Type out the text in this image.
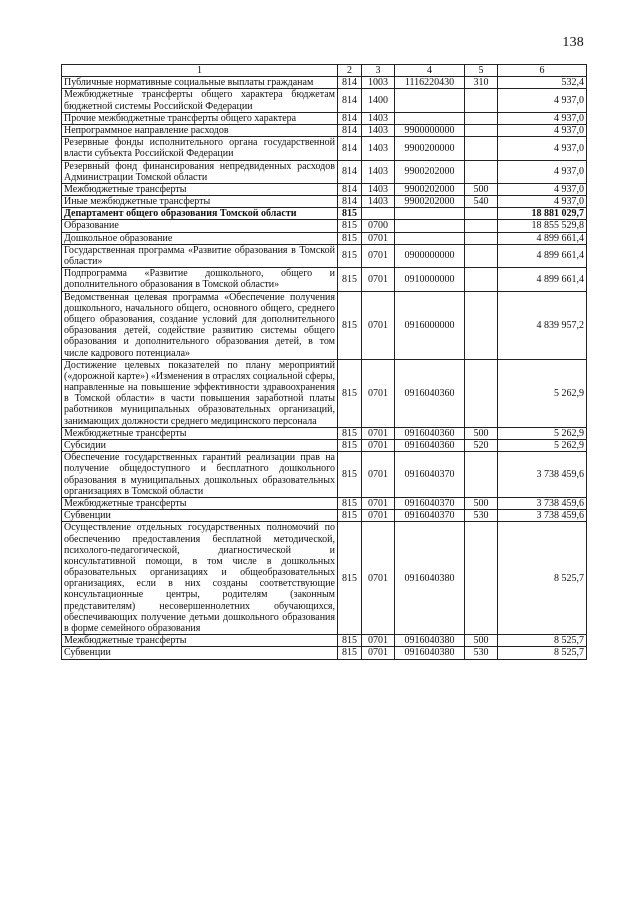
138
1	2	3	4	5	6
Публичные нормативные социальные выплаты гражданам	814	1003	1116220430	310	532,4
Межбюджетные трансферты общего характера бюджетам бюджетной системы Российской Федерации	814	1400			4 937,0
Прочие межбюджетные трансферты общего характера	814	1403			4 937,0
Непрограммное направление расходов	814	1403	9900000000		4 937,0
Резервные фонды исполнительного органа государственной власти субъекта Российской Федерации	814	1403	9900200000		4 937,0
Резервный фонд финансирования непредвиденных расходов Администрации Томской области	814	1403	9900202000		4 937,0
Межбюджетные трансферты	814	1403	9900202000	500	4 937,0
Иные межбюджетные трансферты	814	1403	9900202000	540	4 937,0
Департамент общего образования Томской области	815				18 881 029,7
Образование	815	0700			18 855 529,8
Дошкольное образование	815	0701			4 899 661,4
Государственная программа «Развитие образования в Томской области»	815	0701	0900000000		4 899 661,4
Подпрограмма «Развитие дошкольного, общего и дополнительного образования в Томской области»	815	0701	0910000000		4 899 661,4
Ведомственная целевая программа «Обеспечение получения дошкольного, начального общего, основного общего, среднего общего образования, создание условий для дополнительного образования детей, содействие развитию системы общего образования и дополнительного образования детей, в том числе кадрового потенциала»	815	0701	0916000000		4 839 957,2
Достижение целевых показателей по плану мероприятий («дорожной карте») «Изменения в отраслях социальной сферы, направленные на повышение эффективности здравоохранения в Томской области» в части повышения заработной платы работников муниципальных образовательных организаций, занимающих должности среднего медицинского персонала	815	0701	0916040360		5 262,9
Межбюджетные трансферты	815	0701	0916040360	500	5 262,9
Субсидии	815	0701	0916040360	520	5 262,9
Обеспечение государственных гарантий реализации прав на получение общедоступного и бесплатного дошкольного образования в муниципальных дошкольных образовательных организациях в Томской области	815	0701	0916040370		3 738 459,6
Межбюджетные трансферты	815	0701	0916040370	500	3 738 459,6
Субвенции	815	0701	0916040370	530	3 738 459,6
Осуществление отдельных государственных полномочий по обеспечению предоставления бесплатной методической, психолого-педагогической, диагностической и консультативной помощи, в том числе в дошкольных образовательных организациях и общеобразовательных организациях, если в них созданы соответствующие консультационные центры, родителям (законным представителям) несовершеннолетних обучающихся, обеспечивающих получение детьми дошкольного образования в форме семейного образования	815	0701	0916040380		8 525,7
Межбюджетные трансферты	815	0701	0916040380	500	8 525,7
Субвенции	815	0701	0916040380	530	8 525,7
